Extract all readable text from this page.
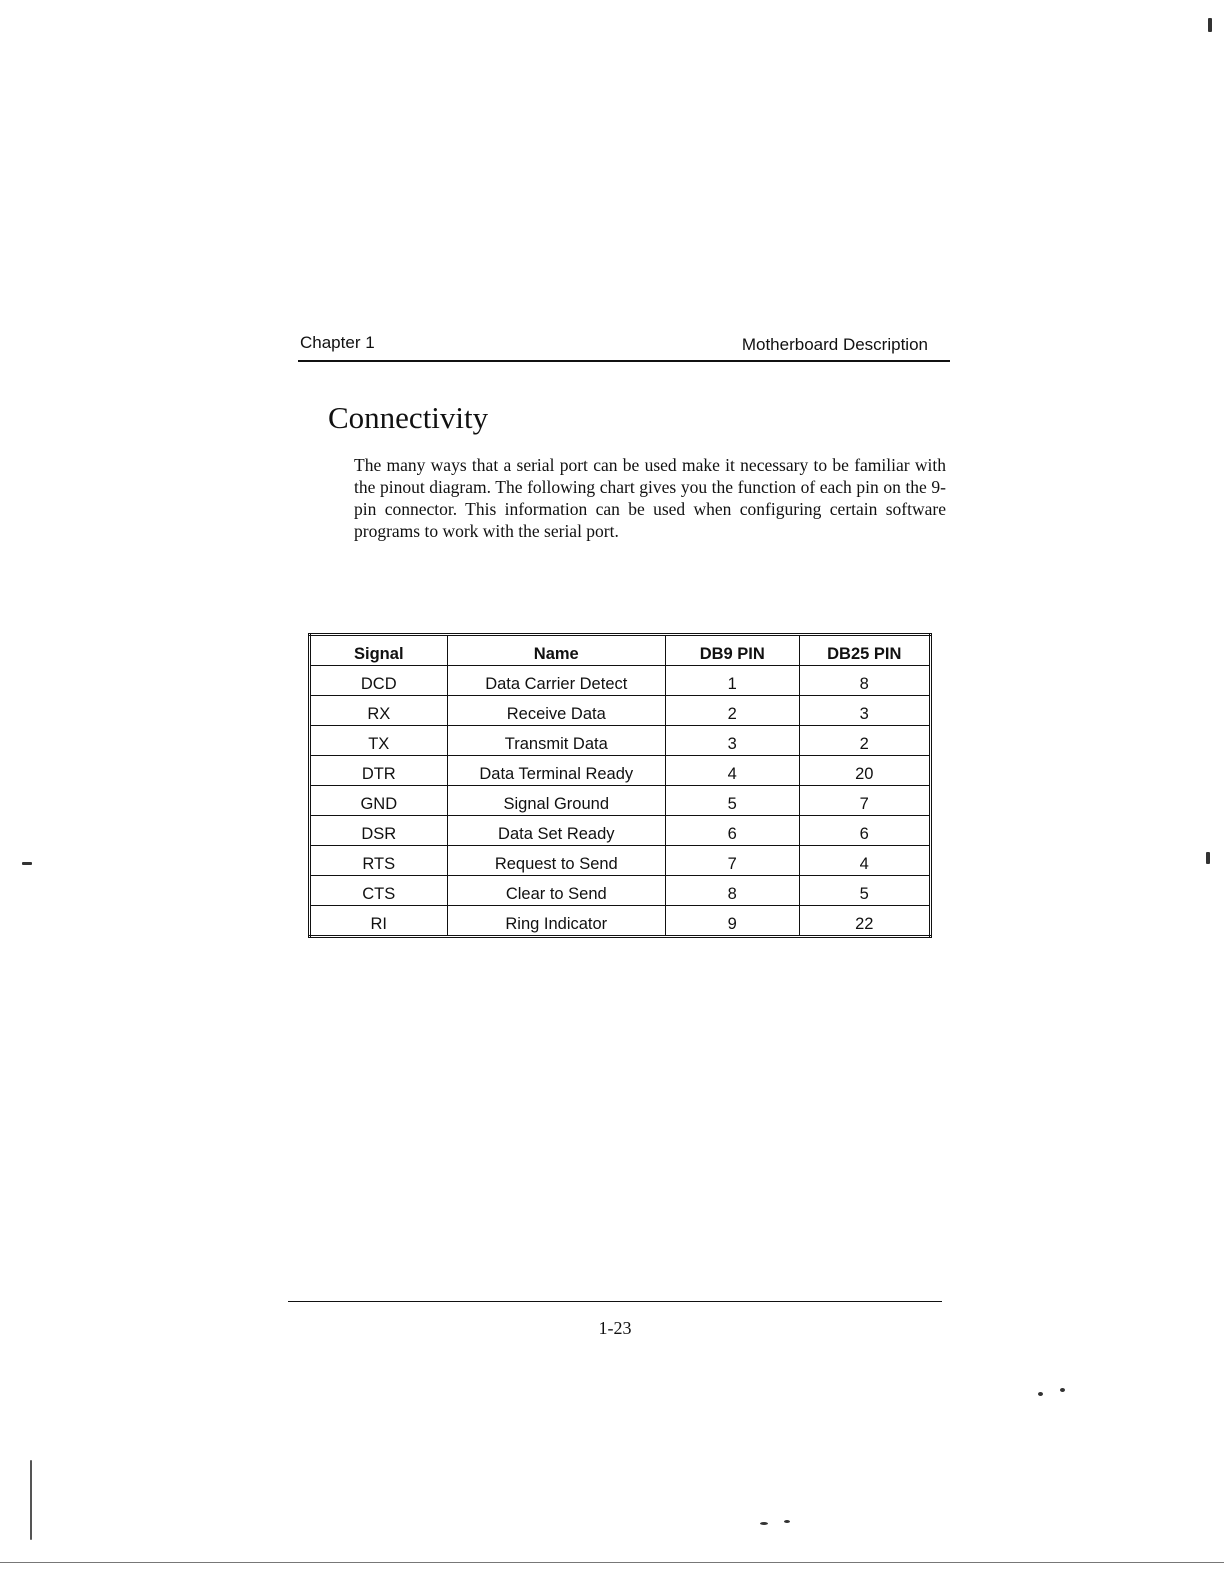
Chapter 1	Motherboard Description
Connectivity

The many ways that a serial port can be used make it necessary to be familiar with the pinout diagram. The following chart gives you the function of each pin on the 9-pin connector. This information can be used when configuring certain software programs to work with the serial port.

Signal	Name	DB9 PIN	DB25 PIN
DCD	Data Carrier Detect	1	8
RX	Receive Data	2	3
TX	Transmit Data	3	2
DTR	Data Terminal Ready	4	20
GND	Signal Ground	5	7
DSR	Data Set Ready	6	6
RTS	Request to Send	7	4
CTS	Clear to Send	8	5
RI	Ring Indicator	9	22
1-23
